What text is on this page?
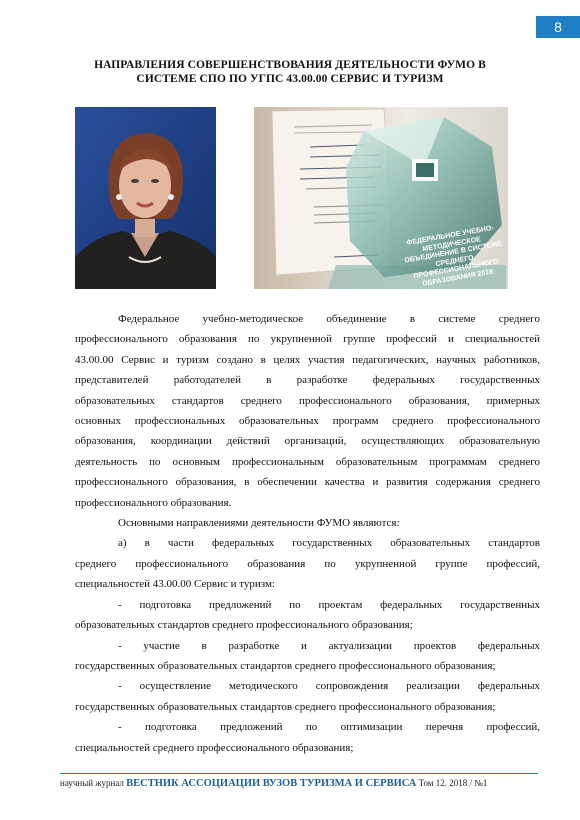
8
НАПРАВЛЕНИЯ СОВЕРШЕНСТВОВАНИЯ ДЕЯТЕЛЬНОСТИ ФУМО В
СИСТЕМЕ СПО ПО УГПС 43.00.00 СЕРВИС И ТУРИЗМ
ФЕДЕРАЛЬНОЕ УЧЕБНО-МЕТОДИЧЕСКОЕ ОБЪЕДИНЕНИЕ В СИСТЕМЕ СРЕДНЕГО ПРОФЕССИОНАЛЬНОГО ОБРАЗОВАНИЯ 2018
Федеральное учебно-методическое объединение в системе среднего
профессионального образования по укрупненной группе профессий и специальностей
43.00.00 Сервис и туризм создано в целях участия педагогических, научных работников,
представителей работодателей в разработке федеральных государственных
образовательных стандартов среднего профессионального образования, примерных
основных профессиональных образовательных программ среднего профессионального
образования, координации действий организаций, осуществляющих образовательную
деятельность по основным профессиональным образовательным программам среднего
профессионального образования, в обеспечении качества и развития содержания среднего
профессионального образования.
Основными направлениями деятельности ФУМО являются:
а) в части федеральных государственных образовательных стандартов
среднего профессионального образования по укрупненной группе профессий,
специальностей 43.00.00 Сервис и туризм:
- подготовка предложений по проектам федеральных государственных
образовательных стандартов среднего профессионального образования;
- участие в разработке и актуализации проектов федеральных
государственных образовательных стандартов среднего профессионального образования;
- осуществление методического сопровождения реализации федеральных
государственных образовательных стандартов среднего профессионального образования;
- подготовка предложений по оптимизации перечня профессий,
специальностей среднего профессионального образования;
научный журнал ВЕСТНИК АССОЦИАЦИИ ВУЗОВ ТУРИЗМА И СЕРВИСА Том 12. 2018 / №1
